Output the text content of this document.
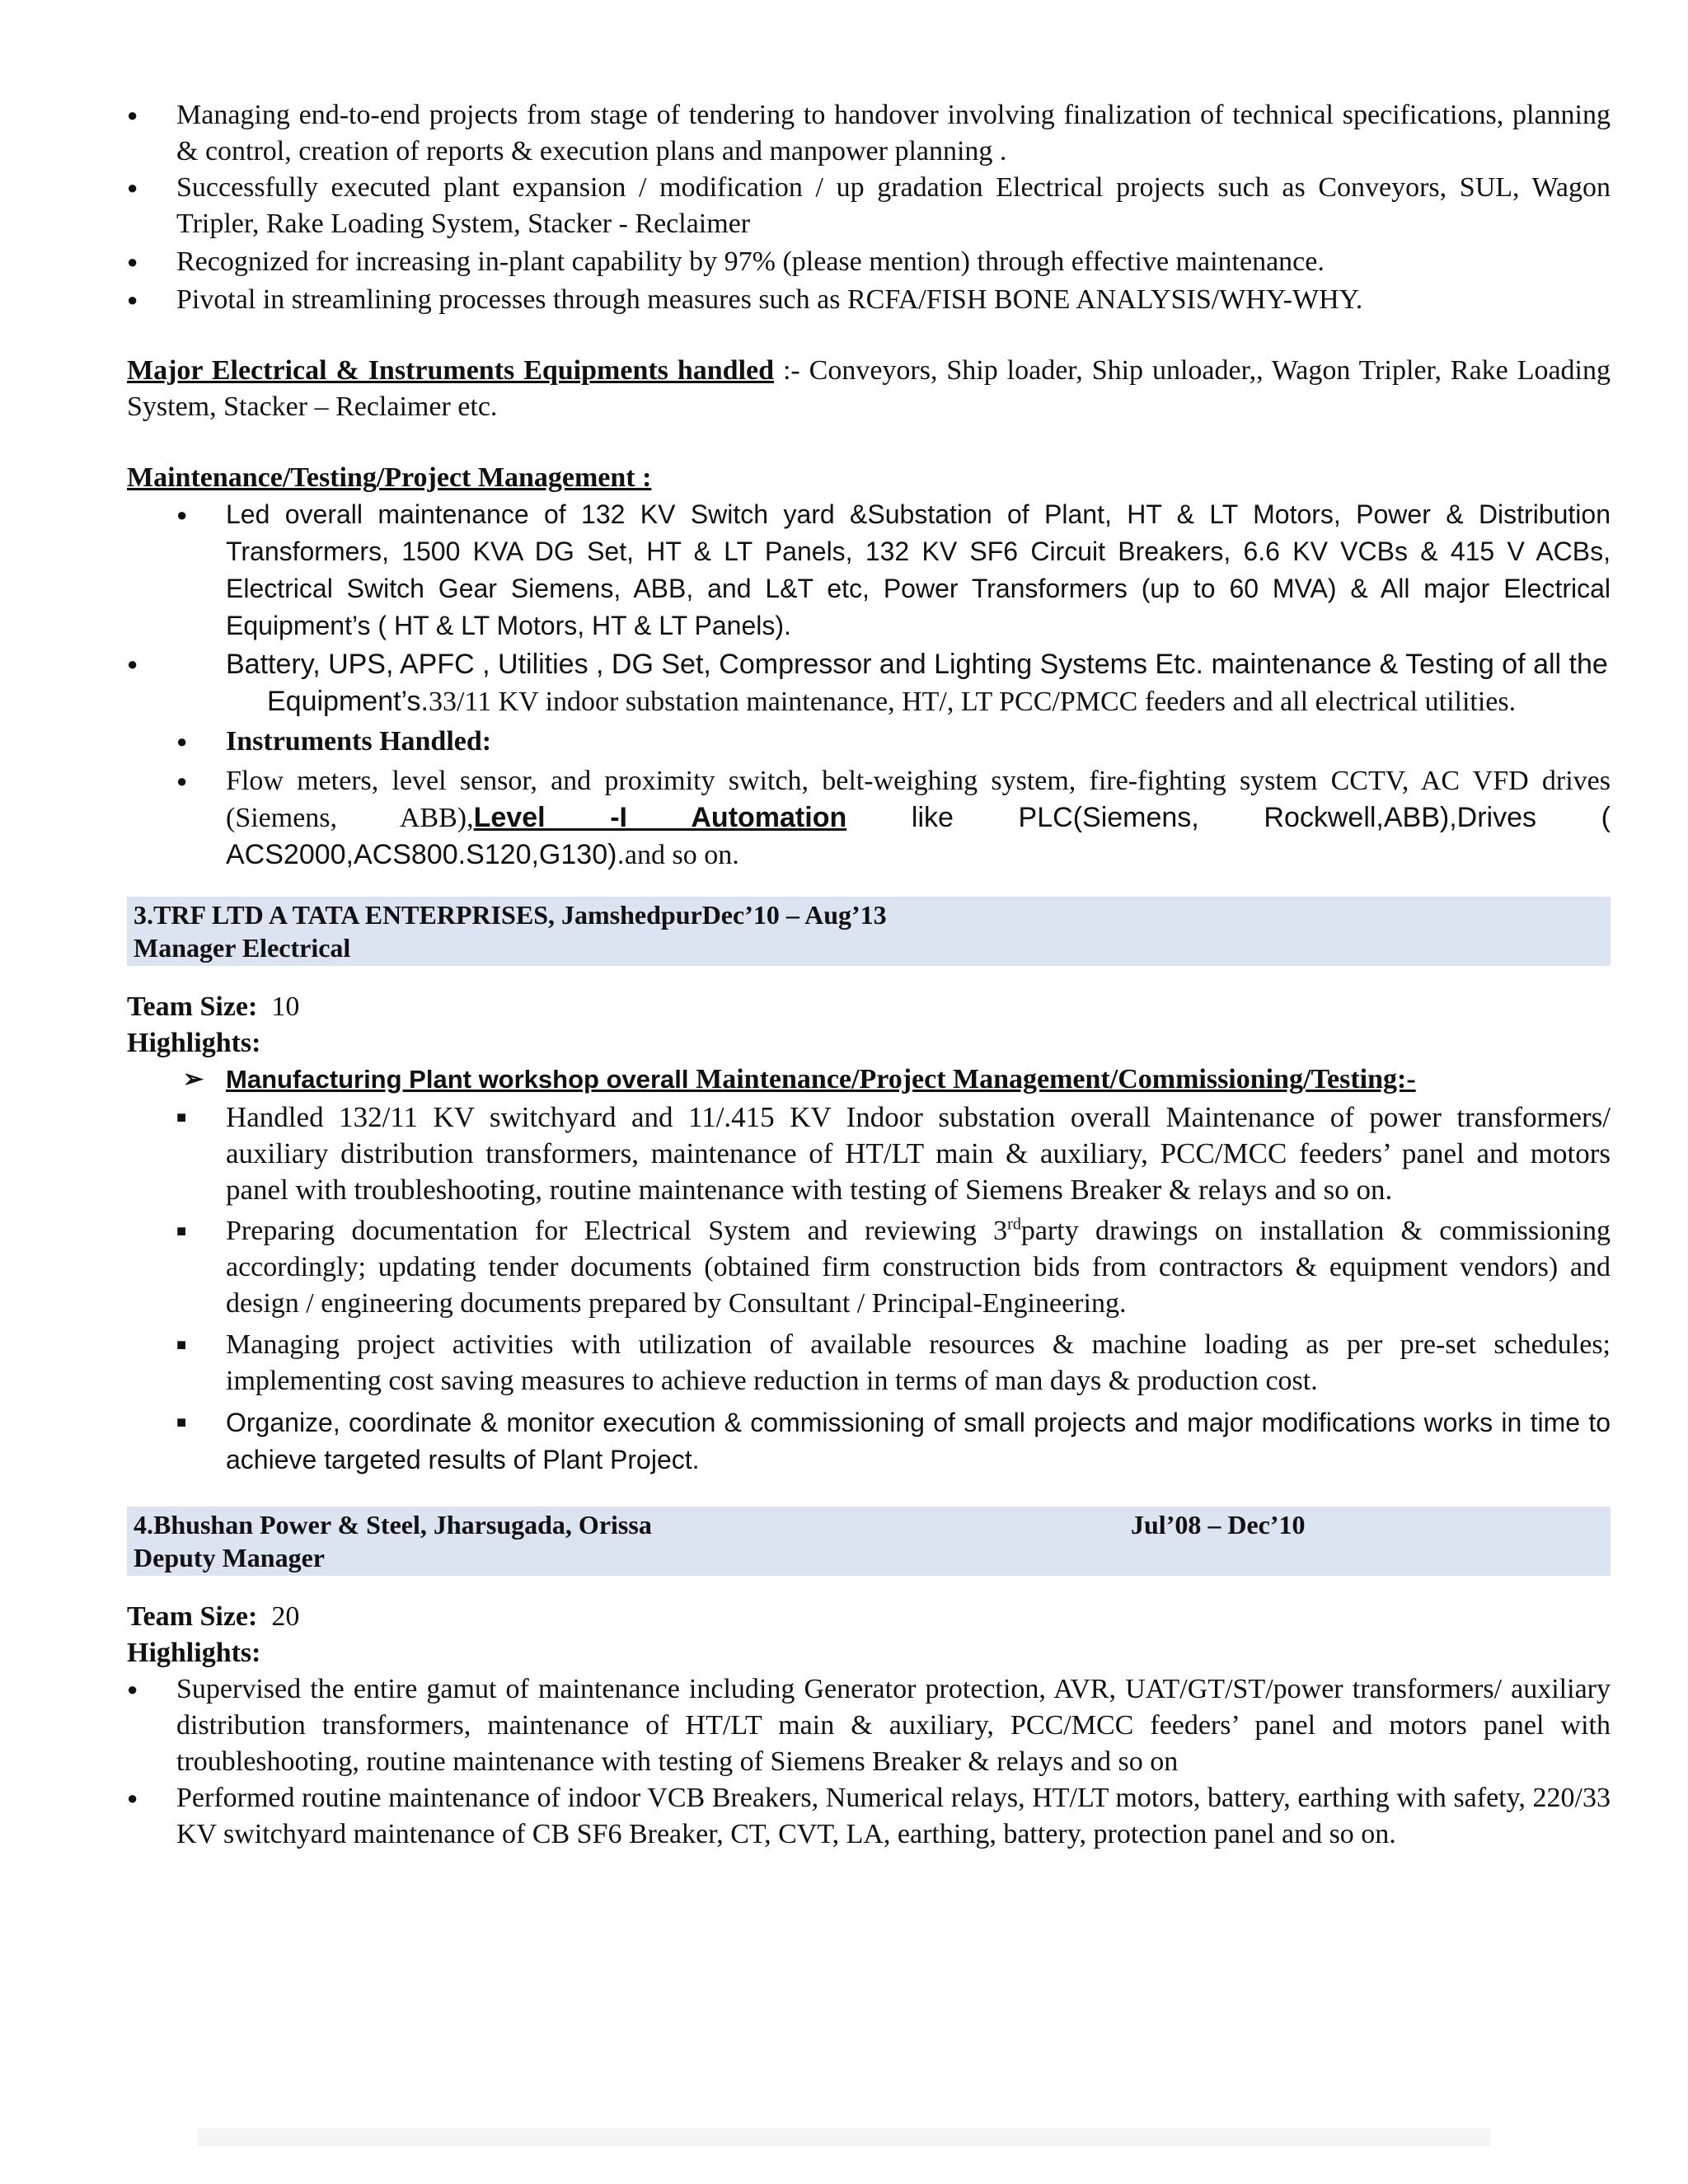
● Managing end-to-end projects from stage of tendering to handover involving finalization of technical specifications, planning & control, creation of reports & execution plans and manpower planning .

● Successfully executed plant expansion / modification / up gradation Electrical projects such as Conveyors, SUL, Wagon Tripler, Rake Loading System, Stacker - Reclaimer

● Recognized for increasing in-plant capability by 97% (please mention) through effective maintenance.

● Pivotal in streamlining processes through measures such as RCFA/FISH BONE ANALYSIS/WHY-WHY.

Major Electrical & Instruments Equipments handled :- Conveyors, Ship loader, Ship unloader,, Wagon Tripler, Rake Loading System, Stacker – Reclaimer etc.

Maintenance/Testing/Project Management :

● Led overall maintenance of 132 KV Switch yard &Substation of Plant, HT & LT Motors, Power & Distribution Transformers, 1500 KVA DG Set, HT & LT Panels, 132 KV SF6 Circuit Breakers, 6.6 KV VCBs & 415 V ACBs, Electrical Switch Gear Siemens, ABB, and L&T etc, Power Transformers (up to 60 MVA) & All major Electrical Equipment’s ( HT & LT Motors, HT & LT Panels).

● Battery, UPS, APFC , Utilities , DG Set, Compressor and Lighting Systems Etc. maintenance & Testing of all the

Equipment’s.33/11 KV indoor substation maintenance, HT/, LT PCC/PMCC feeders and all electrical utilities.

● Instruments Handled:

● Flow meters, level sensor, and proximity switch, belt-weighing system, fire-fighting system CCTV, AC VFD drives (Siemens, ABB),Level -I Automation like PLC(Siemens, Rockwell,ABB),Drives ( ACS2000,ACS800.S120,G130).and so on.

3.TRF LTD A TATA ENTERPRISES, JamshedpurDec’10 – Aug’13
Manager Electrical

Team Size: 10

Highlights:

➢ Manufacturing Plant workshop overall Maintenance/Project Management/Commissioning/Testing:-

■ Handled 132/11 KV switchyard and 11/.415 KV Indoor substation overall Maintenance of power transformers/ auxiliary distribution transformers, maintenance of HT/LT main & auxiliary, PCC/MCC feeders’ panel and motors panel with troubleshooting, routine maintenance with testing of Siemens Breaker & relays and so on.

■ Preparing documentation for Electrical System and reviewing 3rdparty drawings on installation & commissioning accordingly; updating tender documents (obtained firm construction bids from contractors & equipment vendors) and design / engineering documents prepared by Consultant / Principal-Engineering.

■ Managing project activities with utilization of available resources & machine loading as per pre-set schedules; implementing cost saving measures to achieve reduction in terms of man days & production cost.

■ Organize, coordinate & monitor execution & commissioning of small projects and major modifications works in time to achieve targeted results of Plant Project.

4.Bhushan Power & Steel, Jharsugada, Orissa	Jul’08 – Dec’10
Deputy Manager

Team Size: 20

Highlights:

● Supervised the entire gamut of maintenance including Generator protection, AVR, UAT/GT/ST/power transformers/ auxiliary distribution transformers, maintenance of HT/LT main & auxiliary, PCC/MCC feeders’ panel and motors panel with troubleshooting, routine maintenance with testing of Siemens Breaker & relays and so on

● Performed routine maintenance of indoor VCB Breakers, Numerical relays, HT/LT motors, battery, earthing with safety, 220/33 KV switchyard maintenance of CB SF6 Breaker, CT, CVT, LA, earthing, battery, protection panel and so on.
